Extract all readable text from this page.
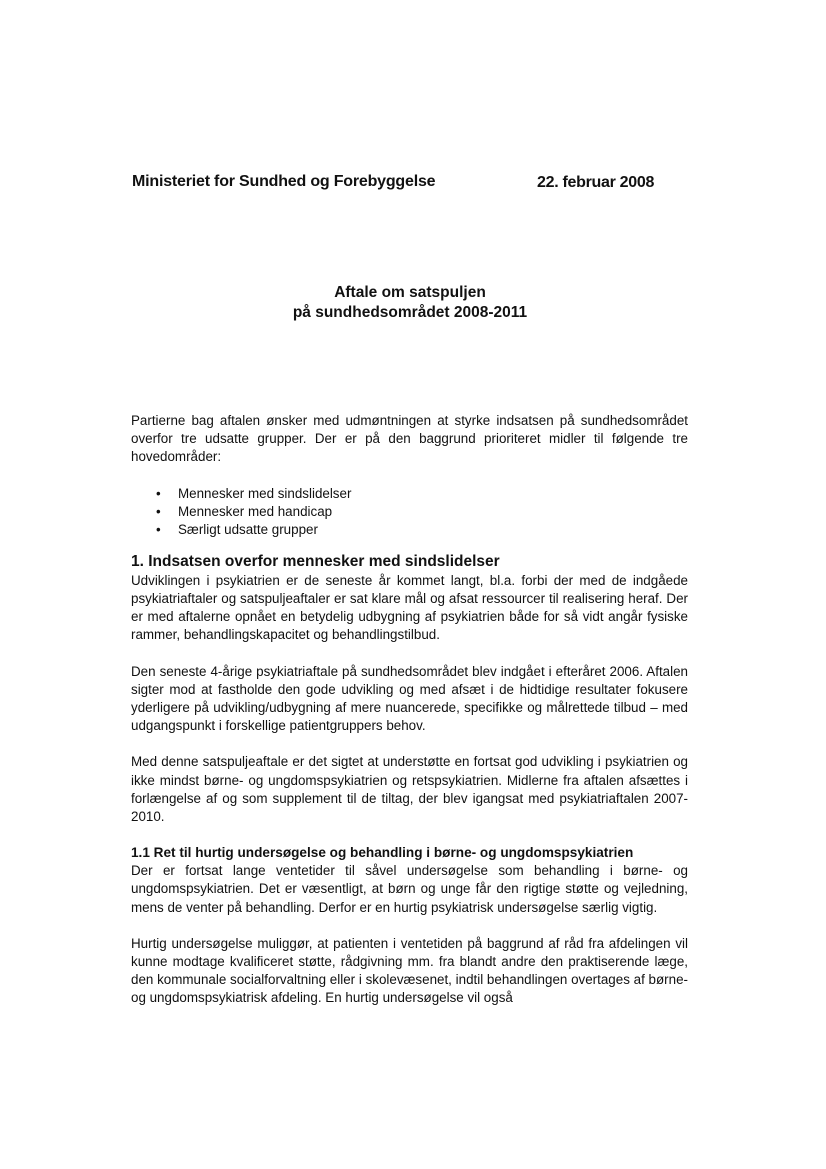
Ministeriet for Sundhed og Forebyggelse	22. februar 2008
Aftale om satspuljen
på sundhedsområdet 2008-2011

Partierne bag aftalen ønsker med udmøntningen at styrke indsatsen på sundhedsområdet overfor tre udsatte grupper. Der er på den baggrund prioriteret midler til følgende tre hovedområder:

• Mennesker med sindslidelser
• Mennesker med handicap
• Særligt udsatte grupper
1. Indsatsen overfor mennesker med sindslidelser

Udviklingen i psykiatrien er de seneste år kommet langt, bl.a. forbi der med de indgåede psykiatriaftaler og satspuljeaftaler er sat klare mål og afsat ressourcer til realisering heraf. Der er med aftalerne opnået en betydelig udbygning af psykiatrien både for så vidt angår fysiske rammer, behandlingskapacitet og behandlingstilbud.

Den seneste 4-årige psykiatriaftale på sundhedsområdet blev indgået i efteråret 2006. Aftalen sigter mod at fastholde den gode udvikling og med afsæt i de hidtidige resultater fokusere yderligere på udvikling/udbygning af mere nuancerede, specifikke og målrettede tilbud – med udgangspunkt i forskellige patientgruppers behov.

Med denne satspuljeaftale er det sigtet at understøtte en fortsat god udvikling i psykiatrien og ikke mindst børne- og ungdomspsykiatrien og retspsykiatrien. Midlerne fra aftalen afsættes i forlængelse af og som supplement til de tiltag, der blev igangsat med psykiatriaftalen 2007-2010.

1.1 Ret til hurtig undersøgelse og behandling i børne- og ungdomspsykiatrien

Der er fortsat lange ventetider til såvel undersøgelse som behandling i børne- og ungdomspsykiatrien. Det er væsentligt, at børn og unge får den rigtige støtte og vejledning, mens de venter på behandling. Derfor er en hurtig psykiatrisk undersøgelse særlig vigtig.

Hurtig undersøgelse muliggør, at patienten i ventetiden på baggrund af råd fra afdelingen vil kunne modtage kvalificeret støtte, rådgivning mm. fra blandt andre den praktiserende læge, den kommunale socialforvaltning eller i skolevæsenet, indtil behandlingen overtages af børne- og ungdomspsykiatrisk afdeling. En hurtig undersøgelse vil også
